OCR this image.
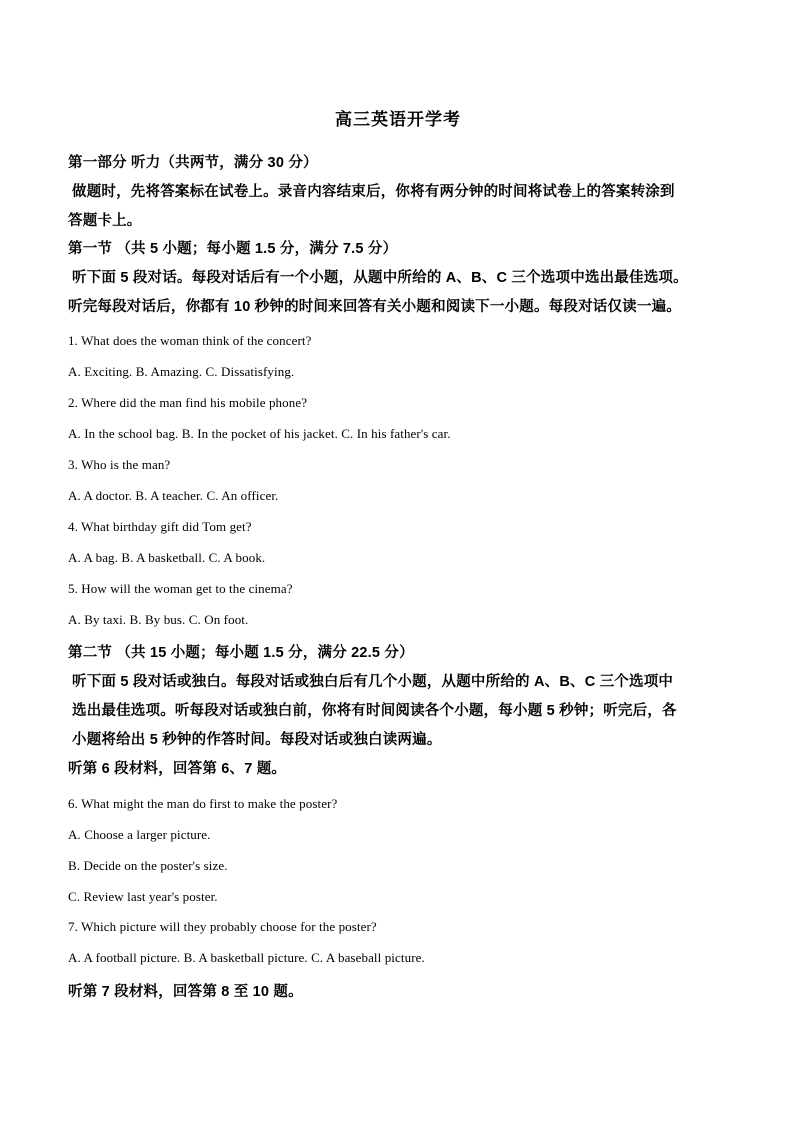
高三英语开学考

第一部分 听力（共两节，满分 30 分）

做题时，先将答案标在试卷上。录音内容结束后，你将有两分钟的时间将试卷上的答案转涂到

答题卡上。

第一节 （共 5 小题；每小题 1.5 分，满分 7.5 分）

听下面 5 段对话。每段对话后有一个小题，从题中所给的 A、B、C 三个选项中选出最佳选项。

听完每段对话后，你都有 10 秒钟的时间来回答有关小题和阅读下一小题。每段对话仅读一遍。

1. What does the woman think of the concert?

A. Exciting. B. Amazing. C. Dissatisfying.

2. Where did the man find his mobile phone?

A. In the school bag. B. In the pocket of his jacket. C. In his father's car.

3. Who is the man?

A. A doctor. B. A teacher. C. An officer.

4. What birthday gift did Tom get?

A. A bag. B. A basketball. C. A book.

5. How will the woman get to the cinema?

A. By taxi. B. By bus. C. On foot.

第二节 （共 15 小题；每小题 1.5 分，满分 22.5 分）

听下面 5 段对话或独白。每段对话或独白后有几个小题，从题中所给的 A、B、C 三个选项中

选出最佳选项。听每段对话或独白前，你将有时间阅读各个小题，每小题 5 秒钟；听完后，各

小题将给出 5 秒钟的作答时间。每段对话或独白读两遍。

听第 6 段材料，回答第 6、7 题。

6. What might the man do first to make the poster?

A. Choose a larger picture.

B. Decide on the poster's size.

C. Review last year's poster.

7. Which picture will they probably choose for the poster?

A. A football picture. B. A basketball picture. C. A baseball picture.

听第 7 段材料，回答第 8 至 10 题。
